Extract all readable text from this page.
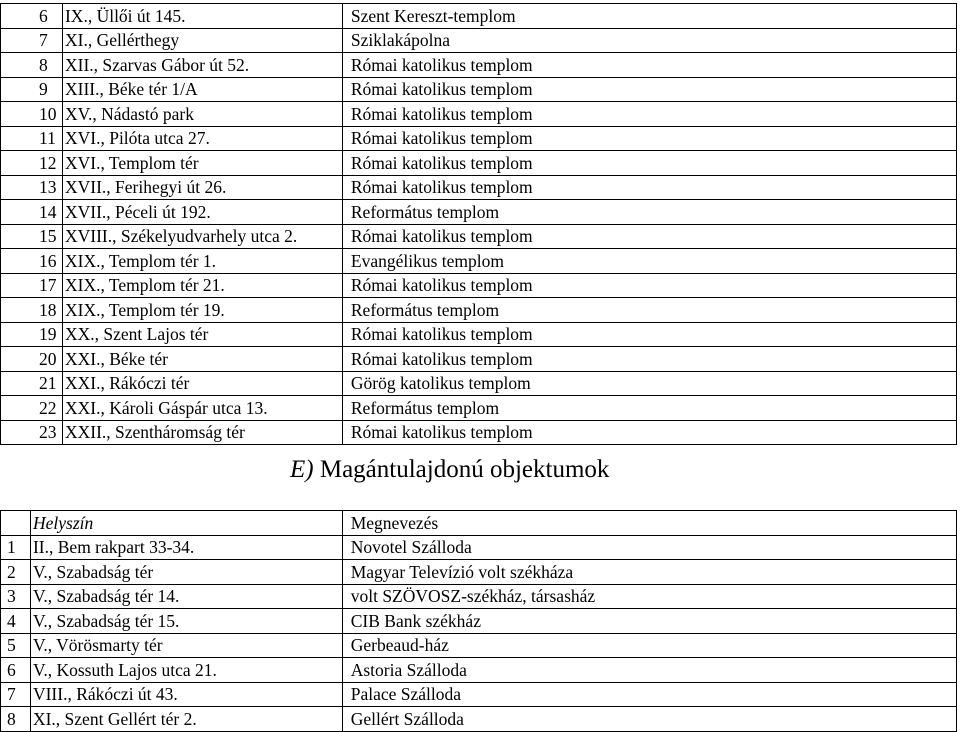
6	IX., Üllői út 145.	Szent Kereszt-templom
7	XI., Gellérthegy	Sziklakápolna
8	XII., Szarvas Gábor út 52.	Római katolikus templom
9	XIII., Béke tér 1/A	Római katolikus templom
10	XV., Nádastó park	Római katolikus templom
11	XVI., Pilóta utca 27.	Római katolikus templom
12	XVI., Templom tér	Római katolikus templom
13	XVII., Ferihegyi út 26.	Római katolikus templom
14	XVII., Péceli út 192.	Református templom
15	XVIII., Székelyudvarhely utca 2.	Római katolikus templom
16	XIX., Templom tér 1.	Evangélikus templom
17	XIX., Templom tér 21.	Római katolikus templom
18	XIX., Templom tér 19.	Református templom
19	XX., Szent Lajos tér	Római katolikus templom
20	XXI., Béke tér	Római katolikus templom
21	XXI., Rákóczi tér	Görög katolikus templom
22	XXI., Károli Gáspár utca 13.	Református templom
23	XXII., Szentháromság tér	Római katolikus templom
E) Magántulajdonú objektumok
	Helyszín	Megnevezés
1	II., Bem rakpart 33-34.	Novotel Szálloda
2	V., Szabadság tér	Magyar Televízió volt székháza
3	V., Szabadság tér 14.	volt SZÖVOSZ-székház, társasház
4	V., Szabadság tér 15.	CIB Bank székház
5	V., Vörösmarty tér	Gerbeaud-ház
6	V., Kossuth Lajos utca 21.	Astoria Szálloda
7	VIII., Rákóczi út 43.	Palace Szálloda
8	XI., Szent Gellért tér 2.	Gellért Szálloda
